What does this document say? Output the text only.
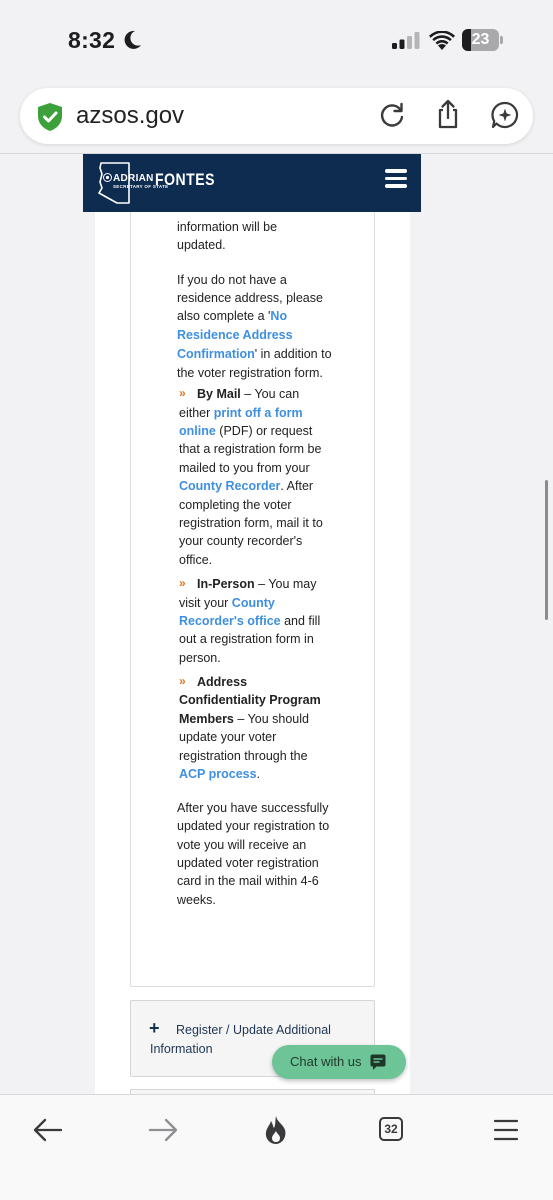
8:32	23
azsos.gov
information will be
updated.
If you do not have a
residence address, please
also complete a 'No
Residence Address
Confirmation' in addition to
the voter registration form.
» By Mail – You can
either print off a form
online (PDF) or request
that a registration form be
mailed to you from your
County Recorder. After
completing the voter
registration form, mail it to
your county recorder's
office.
» In-Person – You may
visit your County
Recorder's office and fill
out a registration form in
person.
» Address
Confidentiality Program
Members – You should
update your voter
registration through the
ACP process.
After you have successfully
updated your registration to
vote you will receive an
updated voter registration
card in the mail within 4-6
weeks.
+	Register / Update Additional Information
ADRIAN
SECRETARY OF STATE
FONTES
Chat with us
32
